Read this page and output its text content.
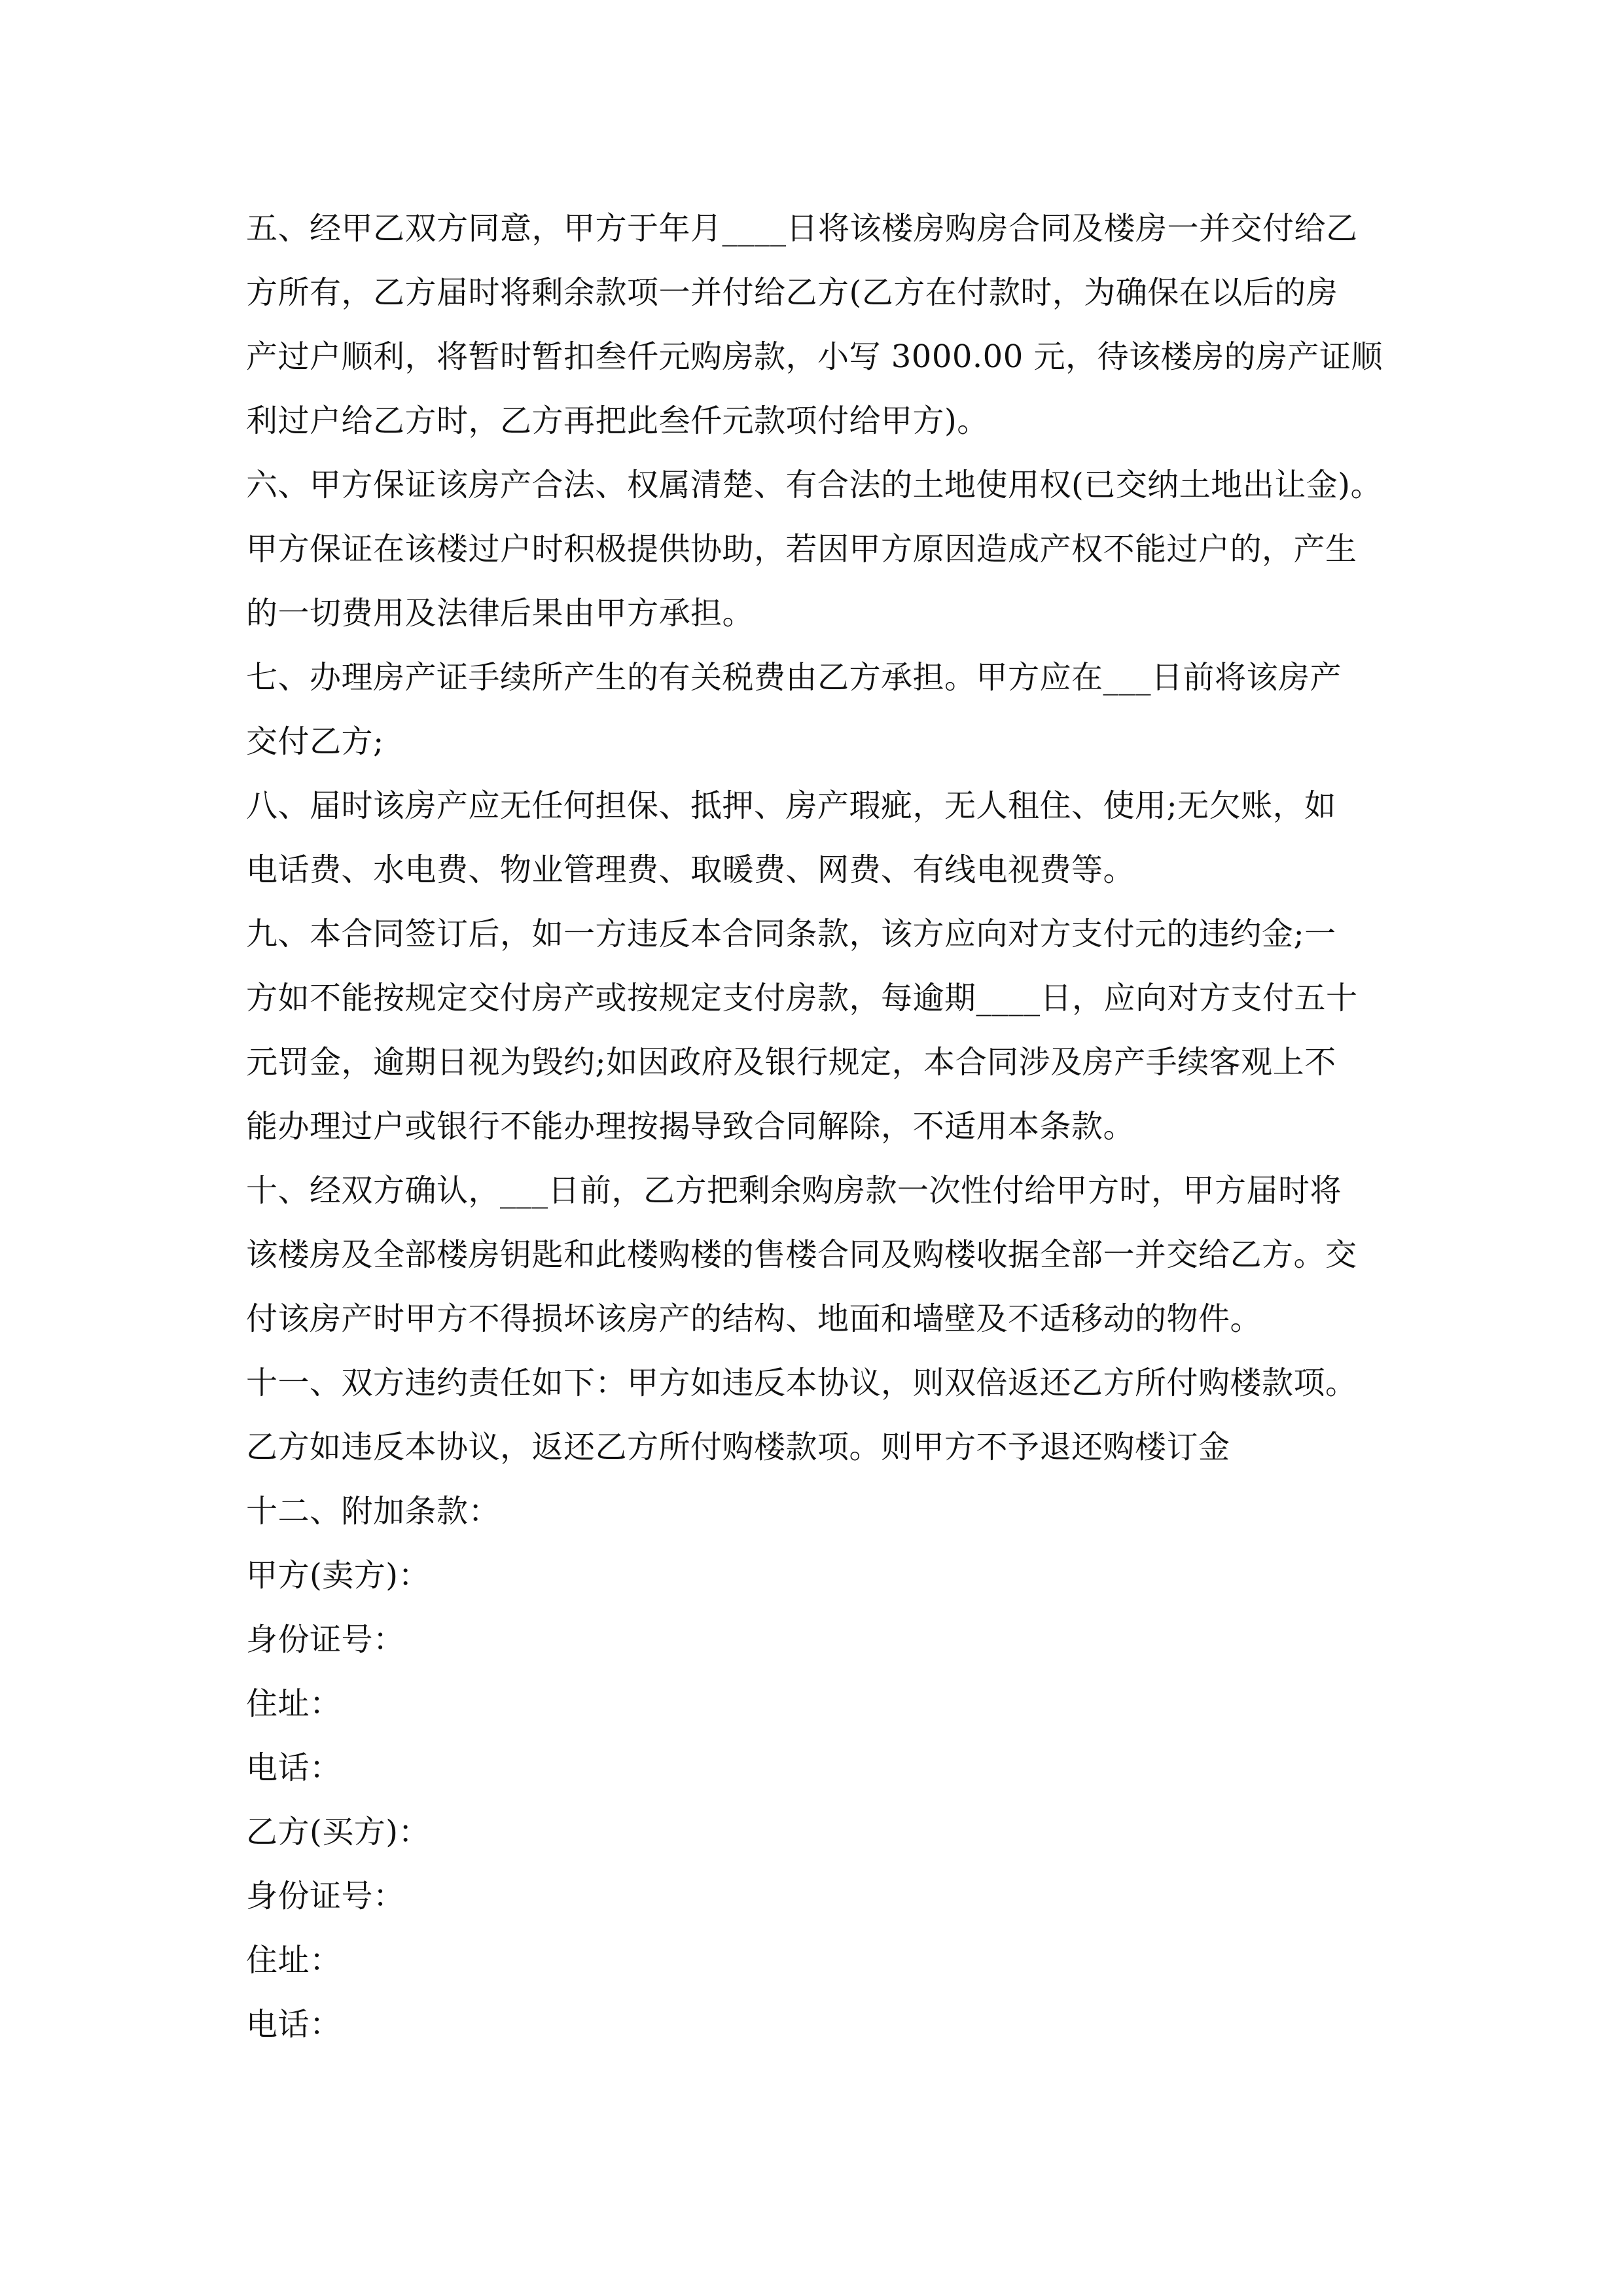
五、经甲乙双方同意，甲方于年月____日将该楼房购房合同及楼房一并交付给乙
方所有，乙方届时将剩余款项一并付给乙方(乙方在付款时，为确保在以后的房
产过户顺利，将暂时暂扣叁仟元购房款，小写 3000.00 元，待该楼房的房产证顺
利过户给乙方时，乙方再把此叁仟元款项付给甲方)。
六、甲方保证该房产合法、权属清楚、有合法的土地使用权(已交纳土地出让金)。
甲方保证在该楼过户时积极提供协助，若因甲方原因造成产权不能过户的，产生
的一切费用及法律后果由甲方承担。
七、办理房产证手续所产生的有关税费由乙方承担。甲方应在___日前将该房产
交付乙方;
八、届时该房产应无任何担保、抵押、房产瑕疵，无人租住、使用;无欠账，如
电话费、水电费、物业管理费、取暖费、网费、有线电视费等。
九、本合同签订后，如一方违反本合同条款，该方应向对方支付元的违约金;一
方如不能按规定交付房产或按规定支付房款，每逾期____日，应向对方支付五十
元罚金，逾期日视为毁约;如因政府及银行规定，本合同涉及房产手续客观上不
能办理过户或银行不能办理按揭导致合同解除，不适用本条款。
十、经双方确认，___日前，乙方把剩余购房款一次性付给甲方时，甲方届时将
该楼房及全部楼房钥匙和此楼购楼的售楼合同及购楼收据全部一并交给乙方。交
付该房产时甲方不得损坏该房产的结构、地面和墙壁及不适移动的物件。
十一、双方违约责任如下：甲方如违反本协议，则双倍返还乙方所付购楼款项。
乙方如违反本协议，返还乙方所付购楼款项。则甲方不予退还购楼订金
十二、附加条款：
甲方(卖方)：
身份证号：
住址：
电话：
乙方(买方)：
身份证号：
住址：
电话：
